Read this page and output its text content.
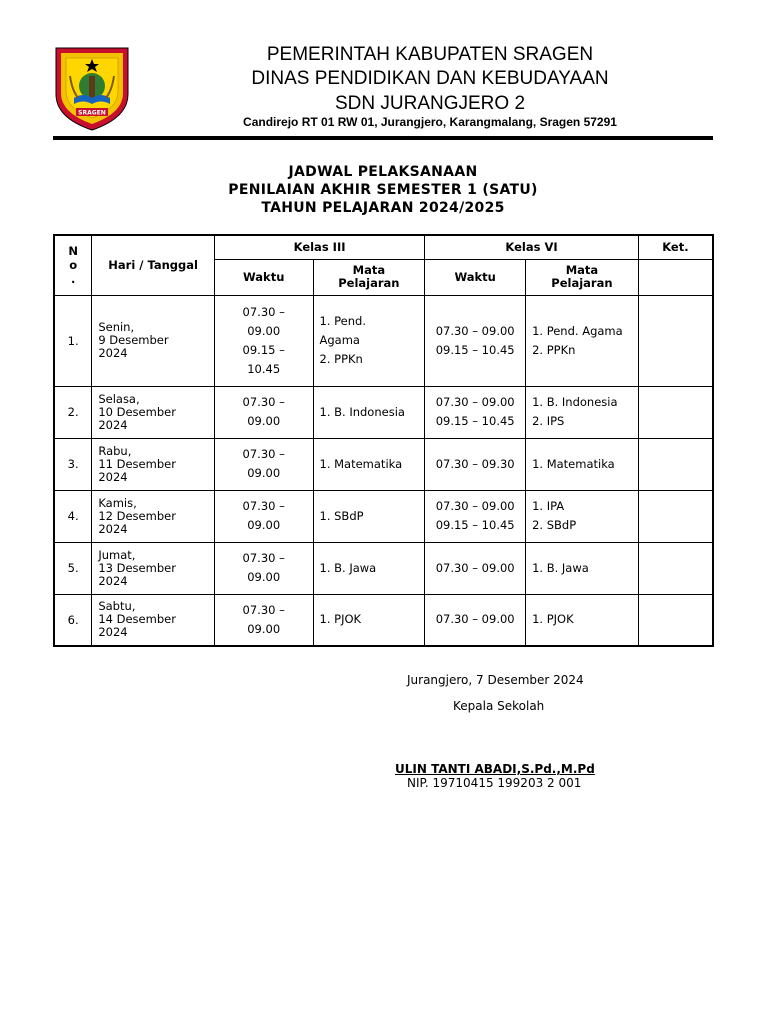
SRAGEN
PEMERINTAH KABUPATEN SRAGEN
DINAS PENDIDIKAN DAN KEBUDAYAAN
SDN JURANGJERO 2
Candirejo RT 01 RW 01, Jurangjero, Karangmalang, Sragen 57291
JADWAL PELAKSANAAN
PENILAIAN AKHIR SEMESTER 1 (SATU)
TAHUN PELAJARAN 2024/2025
No .	Hari / Tanggal	Kelas III		Kelas VI		Ket.
		Waktu	Mata Pelajaran	Waktu	Mata Pelajaran	
1.	Senin,
9 Desember
2024	07.30 –
09.00
09.15 –
10.45	1. Pend.
Agama
2. PPKn	07.30 – 09.00
09.15 – 10.45	1. Pend. Agama
2. PPKn	
2.	Selasa,
10 Desember
2024	07.30 –
09.00	1. B. Indonesia	07.30 – 09.00
09.15 – 10.45	1. B. Indonesia
2. IPS	
3.	Rabu,
11 Desember
2024	07.30 –
09.00	1. Matematika	07.30 – 09.30	1. Matematika	
4.	Kamis,
12 Desember
2024	07.30 –
09.00	1. SBdP	07.30 – 09.00
09.15 – 10.45	1. IPA
2. SBdP	
5.	Jumat,
13 Desember
2024	07.30 –
09.00	1. B. Jawa	07.30 – 09.00	1. B. Jawa	
6.	Sabtu,
14 Desember
2024	07.30 –
09.00	1. PJOK	07.30 – 09.00	1. PJOK	
Jurangjero, 7 Desember 2024
Kepala Sekolah
ULIN TANTI ABADI,S.Pd.,M.Pd
NIP. 19710415 199203 2 001
